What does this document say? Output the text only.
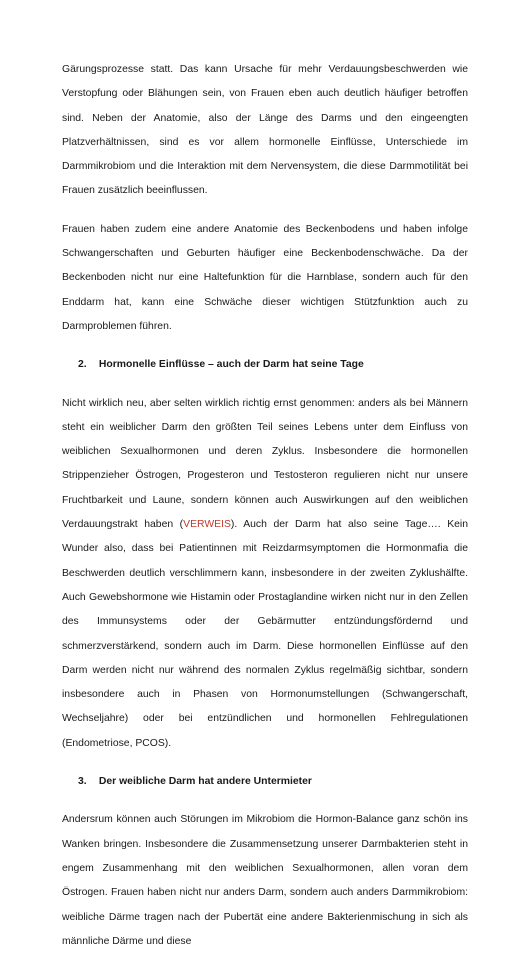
Gärungsprozesse statt. Das kann Ursache für mehr Verdauungsbeschwerden wie Verstopfung oder Blähungen sein, von Frauen eben auch deutlich häufiger betroffen sind. Neben der Anatomie, also der Länge des Darms und den eingeengten Platzverhältnissen, sind es vor allem hormonelle Einflüsse, Unterschiede im Darmmikrobiom und die Interaktion mit dem Nervensystem, die diese Darmmotilität bei Frauen zusätzlich beeinflussen.

Frauen haben zudem eine andere Anatomie des Beckenbodens und haben infolge Schwangerschaften und Geburten häufiger eine Beckenbodenschwäche. Da der Beckenboden nicht nur eine Haltefunktion für die Harnblase, sondern auch für den Enddarm hat, kann eine Schwäche dieser wichtigen Stützfunktion auch zu Darmproblemen führen.

2. Hormonelle Einflüsse – auch der Darm hat seine Tage

Nicht wirklich neu, aber selten wirklich richtig ernst genommen: anders als bei Männern steht ein weiblicher Darm den größten Teil seines Lebens unter dem Einfluss von weiblichen Sexualhormonen und deren Zyklus. Insbesondere die hormonellen Strippenzieher Östrogen, Progesteron und Testosteron regulieren nicht nur unsere Fruchtbarkeit und Laune, sondern können auch Auswirkungen auf den weiblichen Verdauungstrakt haben (VERWEIS). Auch der Darm hat also seine Tage…. Kein Wunder also, dass bei Patientinnen mit Reizdarmsymptomen die Hormonmafia die Beschwerden deutlich verschlimmern kann, insbesondere in der zweiten Zyklushälfte. Auch Gewebshormone wie Histamin oder Prostaglandine wirken nicht nur in den Zellen des Immunsystems oder der Gebärmutter entzündungsfördernd und schmerzverstärkend, sondern auch im Darm. Diese hormonellen Einflüsse auf den Darm werden nicht nur während des normalen Zyklus regelmäßig sichtbar, sondern insbesondere auch in Phasen von Hormonumstellungen (Schwangerschaft, Wechseljahre) oder bei entzündlichen und hormonellen Fehlregulationen (Endometriose, PCOS).

3. Der weibliche Darm hat andere Untermieter

Andersrum können auch Störungen im Mikrobiom die Hormon-Balance ganz schön ins Wanken bringen. Insbesondere die Zusammensetzung unserer Darmbakterien steht in engem Zusammenhang mit den weiblichen Sexualhormonen, allen voran dem Östrogen. Frauen haben nicht nur anders Darm, sondern auch anders Darmmikrobiom: weibliche Därme tragen nach der Pubertät eine andere Bakterienmischung in sich als männliche Därme und diese
